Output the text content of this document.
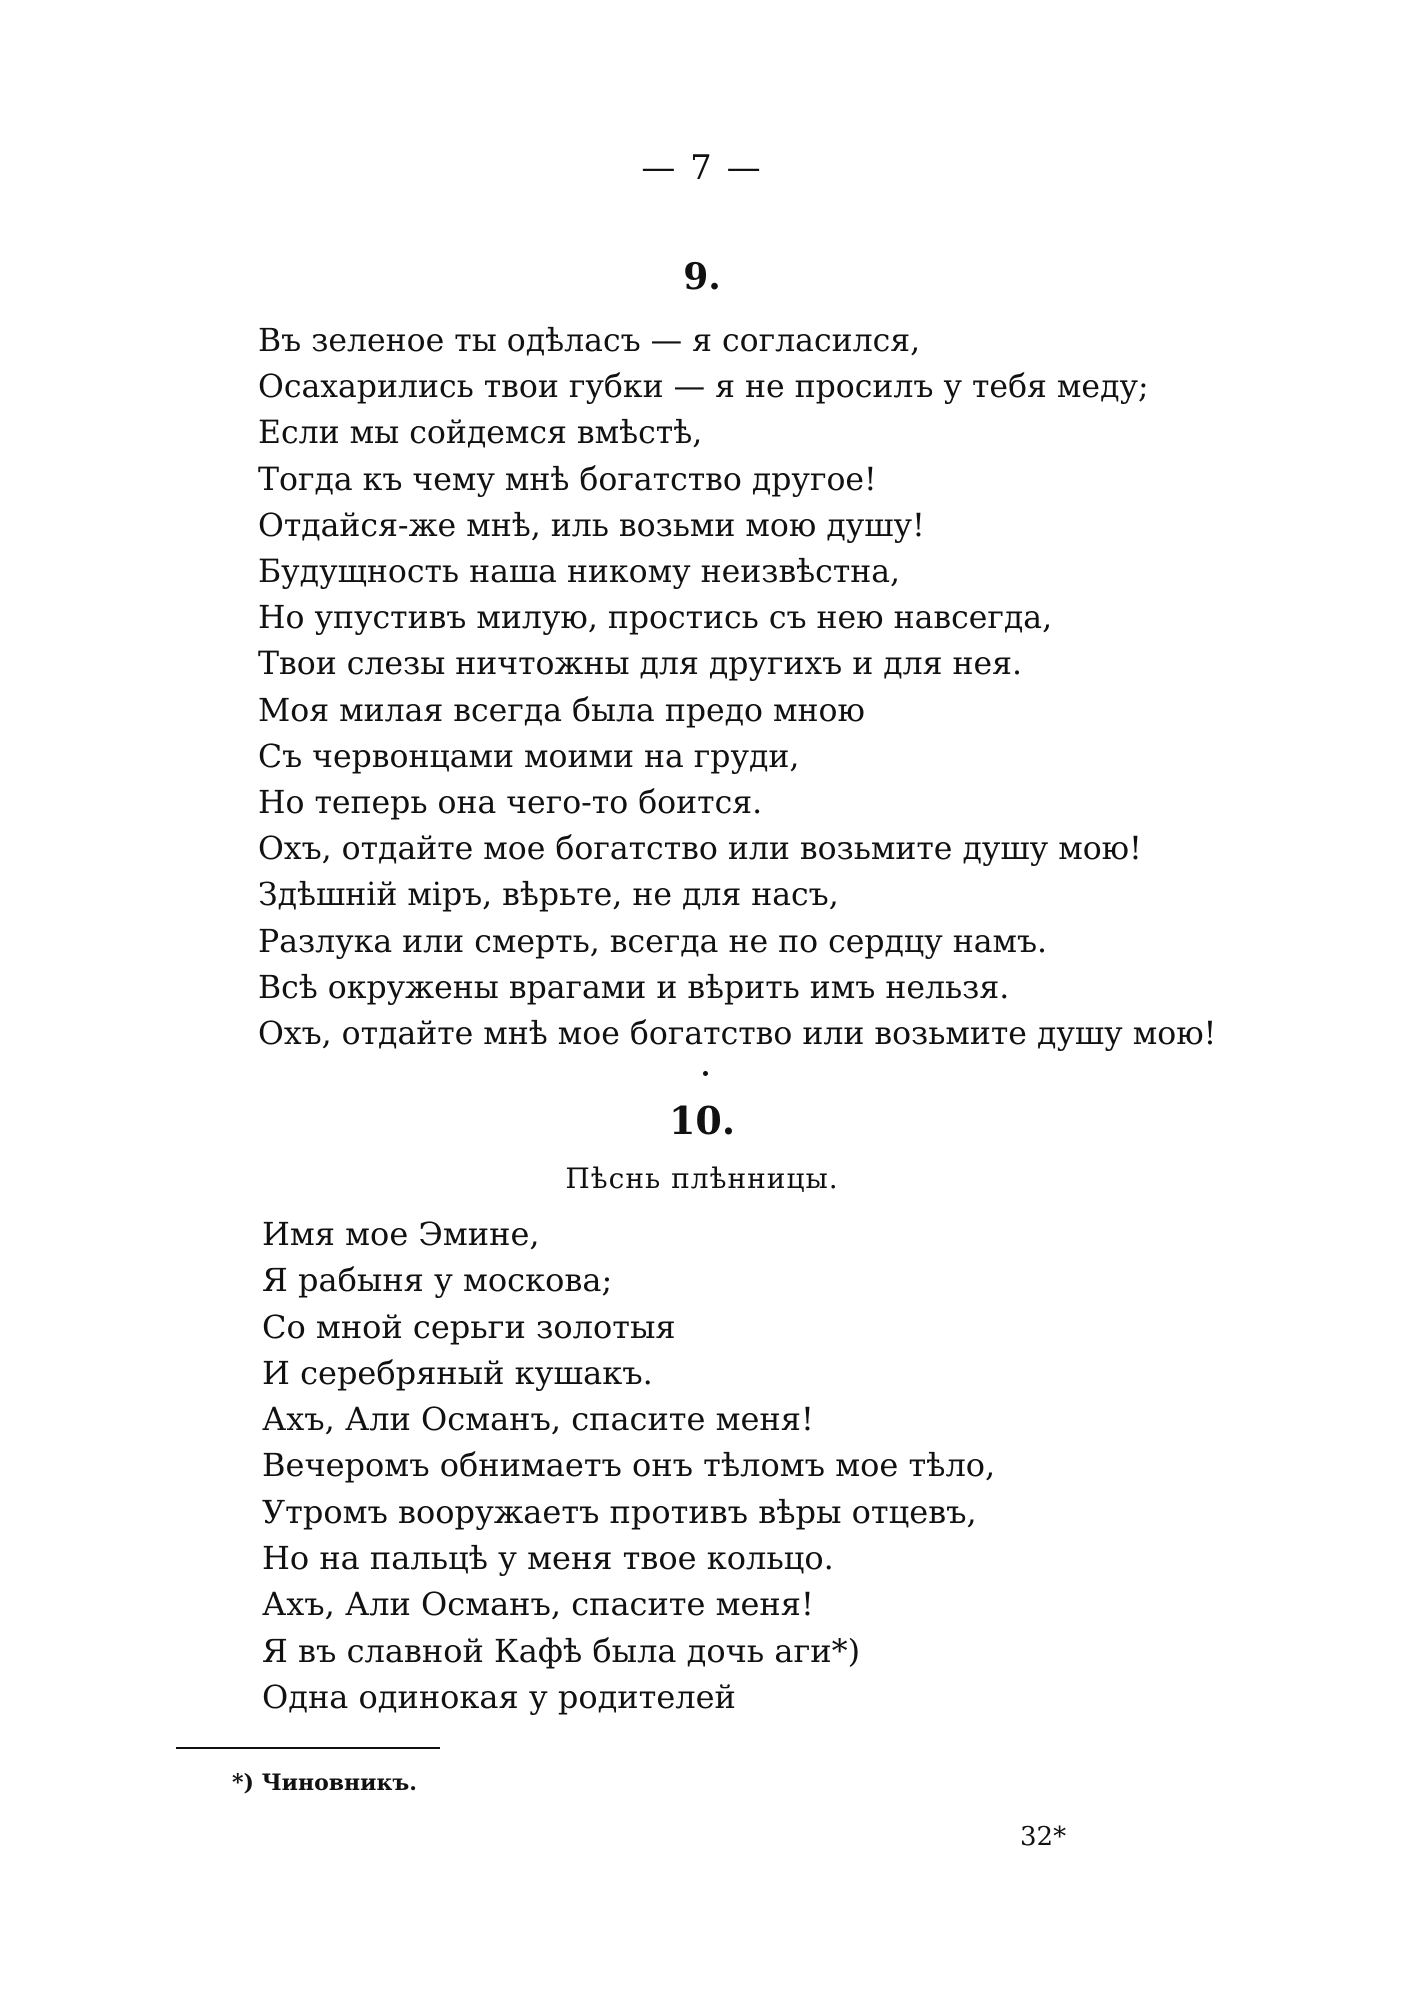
— 7 —
9.
Въ зеленое ты одѣласъ — я согласился,
Осахарились твои губки — я не просилъ у тебя меду;
Если мы сойдемся вмѣстѣ,
Тогда къ чему мнѣ богатство другое!
Отдайся-же мнѣ, иль возьми мою душу!
Будущность наша никому неизвѣстна,
Но упустивъ милую, простись съ нею навсегда,
Твои слезы ничтожны для другихъ и для нея.
Моя милая всегда была предо мною
Съ червонцами моими на груди,
Но теперь она чего-то боится.
Охъ, отдайте мое богатство или возьмите душу мою!
Здѣшній міръ, вѣрьте, не для насъ,
Разлука или смерть, всегда не по сердцу намъ.
Всѣ окружены врагами и вѣрить имъ нельзя.
Охъ, отдайте мнѣ мое богатство или возьмите душу мою!
10.
Пѣснь плѣнницы.
Имя мое Эмине,
Я рабыня у москова;
Со мной серьги золотыя
И серебряный кушакъ.
Ахъ, Али Османъ, спасите меня!
Вечеромъ обнимаетъ онъ тѣломъ мое тѣло,
Утромъ вооружаетъ противъ вѣры отцевъ,
Но на пальцѣ у меня твое кольцо.
Ахъ, Али Османъ, спасите меня!
Я въ славной Кафѣ была дочь аги*)
Одна одинокая у родителей
*) Чиновникъ.
32*
